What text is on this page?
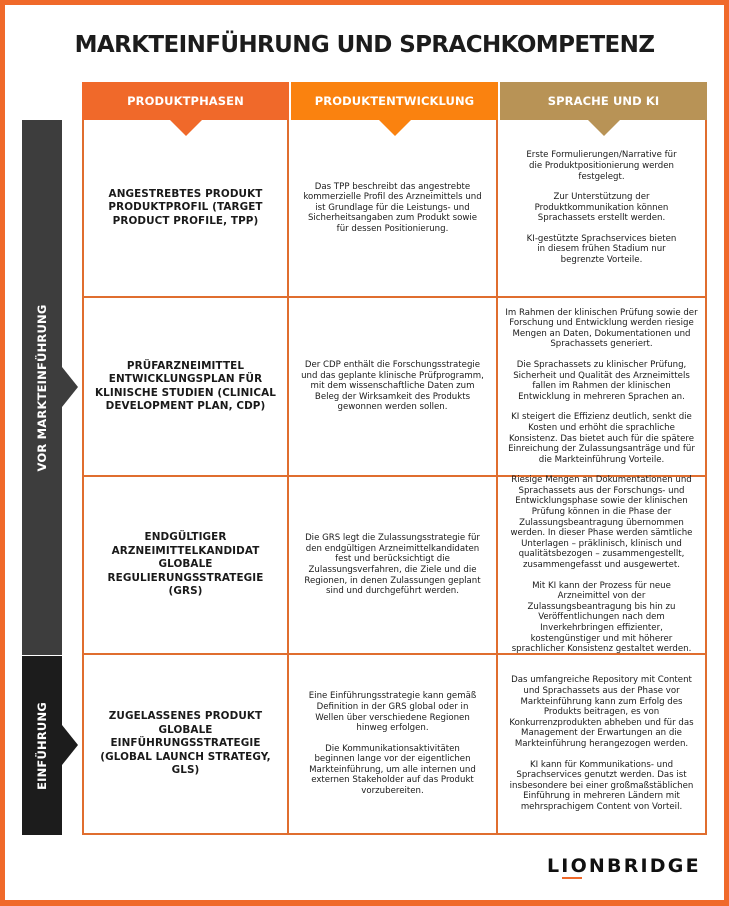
MARKTEINFÜHRUNG UND SPRACHKOMPETENZ
VOR MARKTEINFÜHRUNG
EINFÜHRUNG
PRODUKTPHASEN	PRODUKTENTWICKLUNG	SPRACHE UND KI
ANGESTREBTES PRODUKT PRODUKTPROFIL (TARGET PRODUCT PROFILE, TPP)
Das TPP beschreibt das angestrebte kommerzielle Profil des Arzneimittels und ist Grundlage für die Leistungs- und Sicherheitsangaben zum Produkt sowie für dessen Positionierung.
Erste Formulierungen/Narrative für die Produktpositionierung werden festgelegt.
Zur Unterstützung der Produktkommunikation können Sprachassets erstellt werden.
KI-gestützte Sprachservices bieten in diesem frühen Stadium nur begrenzte Vorteile.
PRÜFARZNEIMITTEL ENTWICKLUNGSPLAN FÜR KLINISCHE STUDIEN (CLINICAL DEVELOPMENT PLAN, CDP)
Der CDP enthält die Forschungsstrategie und das geplante klinische Prüfprogramm, mit dem wissenschaftliche Daten zum Beleg der Wirksamkeit des Produkts gewonnen werden sollen.
Im Rahmen der klinischen Prüfung sowie der Forschung und Entwicklung werden riesige Mengen an Daten, Dokumentationen und Sprachassets generiert.
Die Sprachassets zu klinischer Prüfung, Sicherheit und Qualität des Arzneimittels fallen im Rahmen der klinischen Entwicklung in mehreren Sprachen an.
KI steigert die Effizienz deutlich, senkt die Kosten und erhöht die sprachliche Konsistenz. Das bietet auch für die spätere Einreichung der Zulassungsanträge und für die Markteinführung Vorteile.
ENDGÜLTIGER ARZNEIMITTELKANDIDAT GLOBALE REGULIERUNGSSTRATEGIE (GRS)
Die GRS legt die Zulassungsstrategie für den endgültigen Arzneimittelkandidaten fest und berücksichtigt die Zulassungsverfahren, die Ziele und die Regionen, in denen Zulassungen geplant sind und durchgeführt werden.
Riesige Mengen an Dokumentationen und Sprachassets aus der Forschungs- und Entwicklungsphase sowie der klinischen Prüfung können in die Phase der Zulassungsbeantragung übernommen werden. In dieser Phase werden sämtliche Unterlagen – präklinisch, klinisch und qualitätsbezogen – zusammengestellt, zusammengefasst und ausgewertet.
Mit KI kann der Prozess für neue Arzneimittel von der Zulassungsbeantragung bis hin zu Veröffentlichungen nach dem Inverkehrbringen effizienter, kostengünstiger und mit höherer sprachlicher Konsistenz gestaltet werden.
ZUGELASSENES PRODUKT GLOBALE EINFÜHRUNGSSTRATEGIE (GLOBAL LAUNCH STRATEGY, GLS)
Eine Einführungsstrategie kann gemäß Definition in der GRS global oder in Wellen über verschiedene Regionen hinweg erfolgen.
Die Kommunikationsaktivitäten beginnen lange vor der eigentlichen Markteinführung, um alle internen und externen Stakeholder auf das Produkt vorzubereiten.
Das umfangreiche Repository mit Content und Sprachassets aus der Phase vor Markteinführung kann zum Erfolg des Produkts beitragen, es von Konkurrenzprodukten abheben und für das Management der Erwartungen an die Markteinführung herangezogen werden.
KI kann für Kommunikations- und Sprachservices genutzt werden. Das ist insbesondere bei einer großmaßstäblichen Einführung in mehreren Ländern mit mehrsprachigem Content von Vorteil.
LIONBRIDGE
